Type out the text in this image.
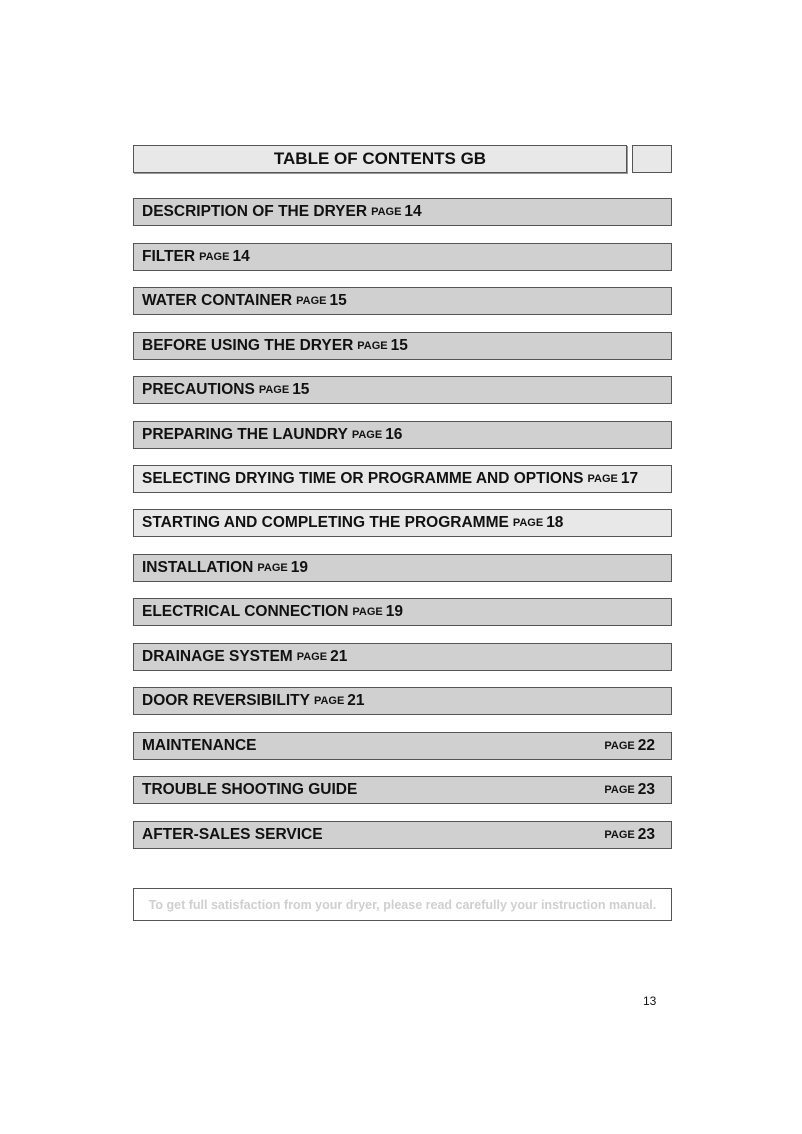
TABLE OF CONTENTS GB
DESCRIPTION OF THE DRYER PAGE 14
FILTER PAGE 14
WATER CONTAINER PAGE 15
BEFORE USING THE DRYER PAGE 15
PRECAUTIONS PAGE 15
PREPARING THE LAUNDRY PAGE 16
SELECTING DRYING TIME OR PROGRAMME AND OPTIONS PAGE 17
STARTING AND COMPLETING THE PROGRAMME PAGE 18
INSTALLATION PAGE 19
ELECTRICAL CONNECTION PAGE 19
DRAINAGE SYSTEM PAGE 21
DOOR REVERSIBILITY PAGE 21
MAINTENANCE	PAGE 22
TROUBLE SHOOTING GUIDE	PAGE 23
AFTER-SALES SERVICE	PAGE 23
To get full satisfaction from your dryer, please read carefully your instruction manual.
13
